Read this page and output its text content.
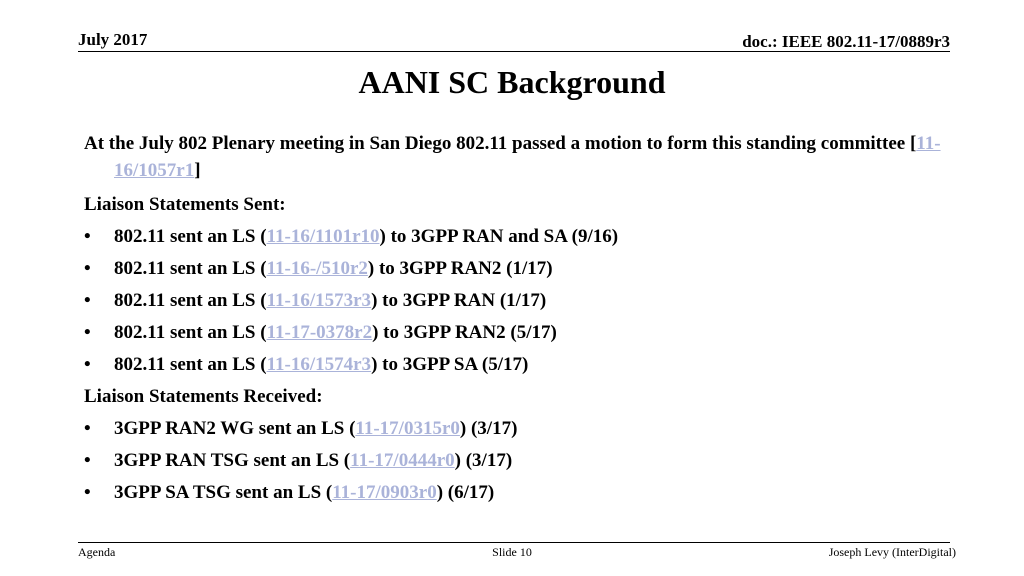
July 2017	doc.: IEEE 802.11-17/0889r3
AANI SC Background

At the July 802 Plenary meeting in San Diego 802.11 passed a motion to form this standing committee [11-16/1057r1]

Liaison Statements Sent:

•	802.11 sent an LS (11-16/1101r10) to 3GPP RAN and SA (9/16)

•	802.11 sent an LS (11-16-/510r2) to 3GPP RAN2 (1/17)

•	802.11 sent an LS (11-16/1573r3) to 3GPP RAN (1/17)

•	802.11 sent an LS (11-17-0378r2) to 3GPP RAN2 (5/17)

•	802.11 sent an LS (11-16/1574r3) to 3GPP SA (5/17)

Liaison Statements Received:

•	3GPP RAN2 WG sent an LS (11-17/0315r0) (3/17)

•	3GPP RAN TSG sent an LS (11-17/0444r0) (3/17)

•	3GPP SA TSG sent an LS (11-17/0903r0) (6/17)

Agenda	Slide 10	Joseph Levy (InterDigital)
